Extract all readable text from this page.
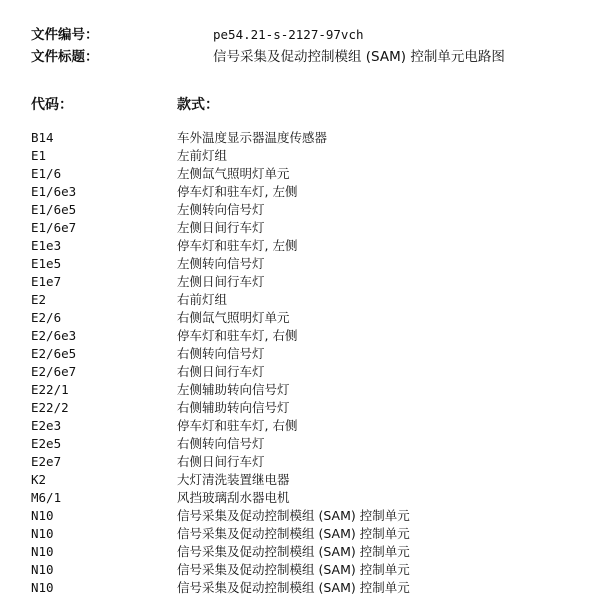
文件编号：	pe54.21-s-2127-97vch
文件标题：	信号采集及促动控制模组 (SAM) 控制单元电路图
代码：	款式：
B14	车外温度显示器温度传感器
E1	左前灯组
E1/6	左侧氙气照明灯单元
E1/6e3	停车灯和驻车灯, 左侧
E1/6e5	左侧转向信号灯
E1/6e7	左侧日间行车灯
E1e3	停车灯和驻车灯, 左侧
E1e5	左侧转向信号灯
E1e7	左侧日间行车灯
E2	右前灯组
E2/6	右侧氙气照明灯单元
E2/6e3	停车灯和驻车灯, 右侧
E2/6e5	右侧转向信号灯
E2/6e7	右侧日间行车灯
E22/1	左侧辅助转向信号灯
E22/2	右侧辅助转向信号灯
E2e3	停车灯和驻车灯, 右侧
E2e5	右侧转向信号灯
E2e7	右侧日间行车灯
K2	大灯清洗装置继电器
M6/1	风挡玻璃刮水器电机
N10	信号采集及促动控制模组 (SAM) 控制单元
N10	信号采集及促动控制模组 (SAM) 控制单元
N10	信号采集及促动控制模组 (SAM) 控制单元
N10	信号采集及促动控制模组 (SAM) 控制单元
N10	信号采集及促动控制模组 (SAM) 控制单元
